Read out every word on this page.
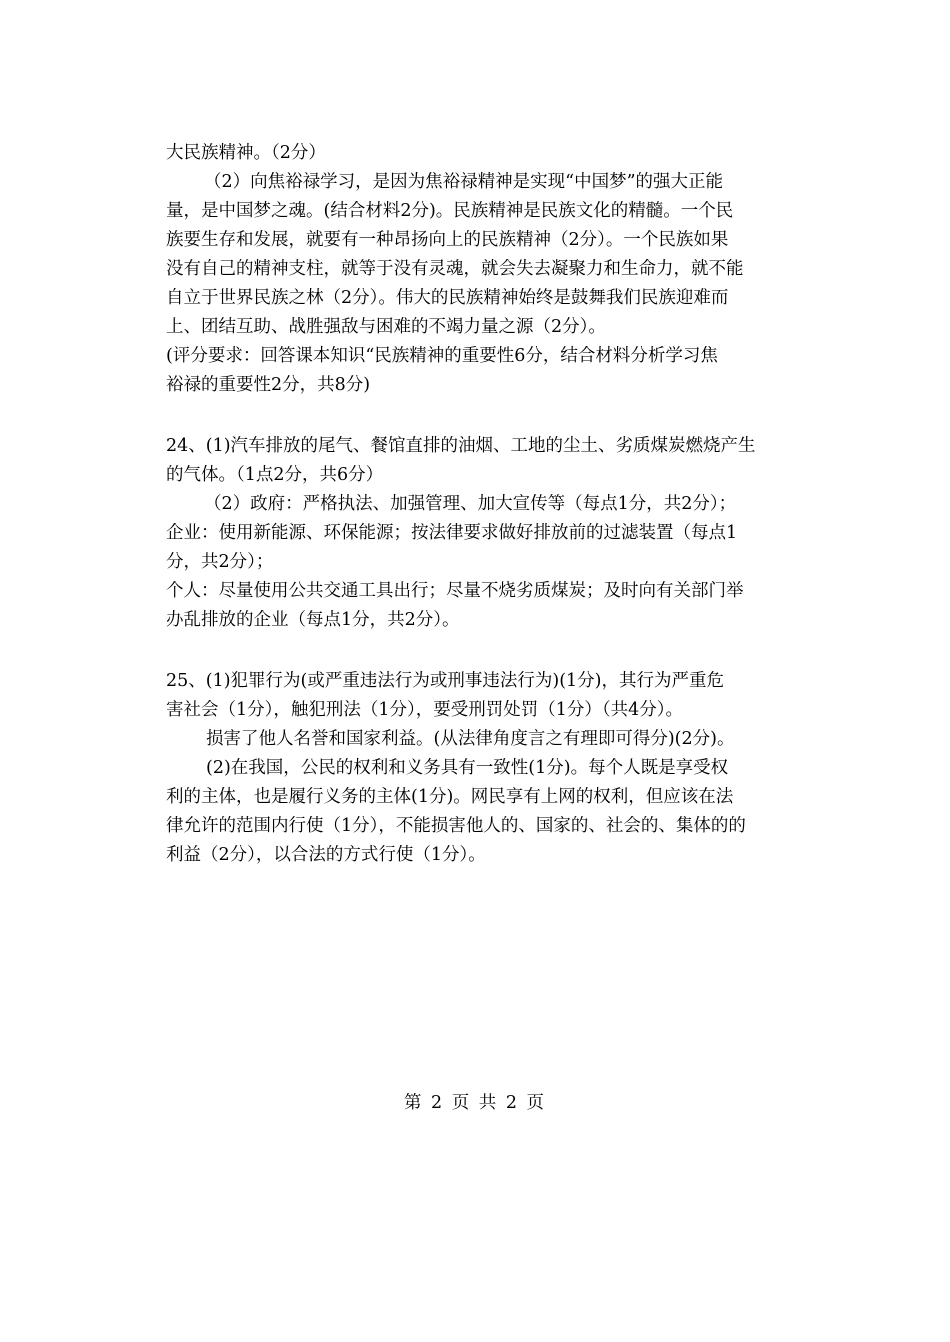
大民族精神。（2分）
（2）向焦裕禄学习，是因为焦裕禄精神是实现“中国梦”的强大正能
量，是中国梦之魂。(结合材料2分)。民族精神是民族文化的精髓。一个民
族要生存和发展，就要有一种昂扬向上的民族精神（2分）。一个民族如果
没有自己的精神支柱，就等于没有灵魂，就会失去凝聚力和生命力，就不能
自立于世界民族之林（2分）。伟大的民族精神始终是鼓舞我们民族迎难而
上、团结互助、战胜强敌与困难的不竭力量之源（2分）。
(评分要求：回答课本知识“民族精神的重要性6分，结合材料分析学习焦
裕禄的重要性2分，共8分)
24、(1)汽车排放的尾气、餐馆直排的油烟、工地的尘土、劣质煤炭燃烧产生
的气体。（1点2分，共6分）
（2）政府：严格执法、加强管理、加大宣传等（每点1分，共2分）；
企业：使用新能源、环保能源；按法律要求做好排放前的过滤装置（每点1
分，共2分）；
个人：尽量使用公共交通工具出行；尽量不烧劣质煤炭；及时向有关部门举
办乱排放的企业（每点1分，共2分）。
25、(1)犯罪行为(或严重违法行为或刑事违法行为)(1分)，其行为严重危
害社会（1分），触犯刑法（1分），要受刑罚处罚（1分）（共4分）。
损害了他人名誉和国家利益。(从法律角度言之有理即可得分)(2分)。
(2)在我国，公民的权利和义务具有一致性(1分)。每个人既是享受权
利的主体，也是履行义务的主体(1分)。网民享有上网的权利，但应该在法
律允许的范围内行使（1分），不能损害他人的、国家的、社会的、集体的的
利益（2分），以合法的方式行使（1分）。
第 2 页 共 2 页
